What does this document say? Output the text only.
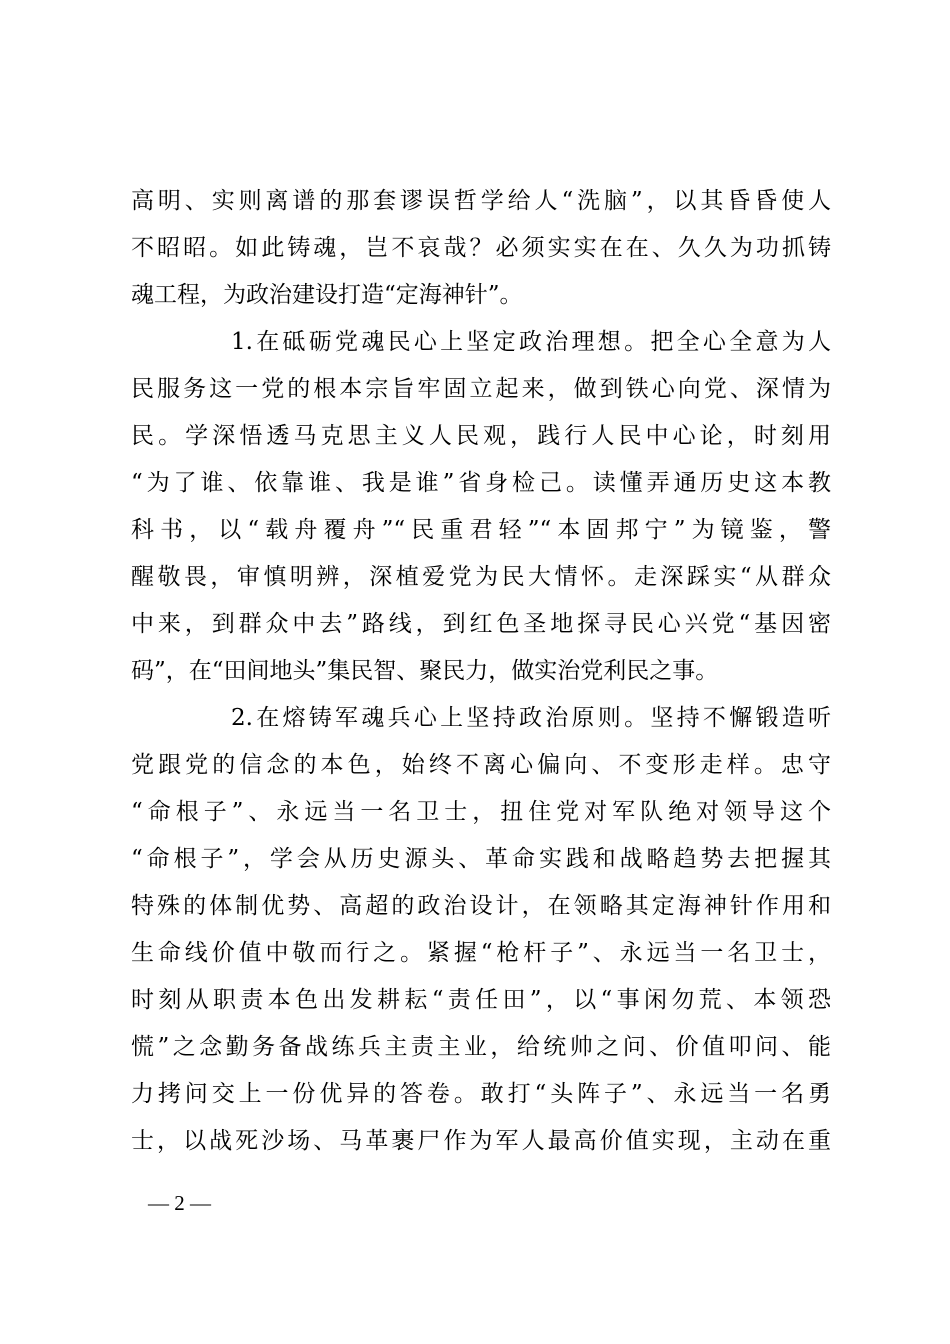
高明、实则离谱的那套谬误哲学给人“洗脑”，以其昏昏使人
不昭昭。如此铸魂，岂不哀哉？必须实实在在、久久为功抓铸
魂工程，为政治建设打造“定海神针”。
1.在砥砺党魂民心上坚定政治理想。把全心全意为人
民服务这一党的根本宗旨牢固立起来，做到铁心向党、深情为
民。学深悟透马克思主义人民观，践行人民中心论，时刻用
“为了谁、依靠谁、我是谁”省身检己。读懂弄通历史这本教
科书，以“载舟覆舟”“民重君轻”“本固邦宁”为镜鉴，警
醒敬畏，审慎明辨，深植爱党为民大情怀。走深踩实“从群众
中来，到群众中去”路线，到红色圣地探寻民心兴党“基因密
码”，在“田间地头”集民智、聚民力，做实治党利民之事。
2.在熔铸军魂兵心上坚持政治原则。坚持不懈锻造听
党跟党的信念的本色，始终不离心偏向、不变形走样。忠守
“命根子”、永远当一名卫士，扭住党对军队绝对领导这个
“命根子”，学会从历史源头、革命实践和战略趋势去把握其
特殊的体制优势、高超的政治设计，在领略其定海神针作用和
生命线价值中敬而行之。紧握“枪杆子”、永远当一名卫士，
时刻从职责本色出发耕耘“责任田”，以“事闲勿荒、本领恐
慌”之念勤务备战练兵主责主业，给统帅之问、价值叩问、能
力拷问交上一份优异的答卷。敢打“头阵子”、永远当一名勇
士，以战死沙场、马革裹尸作为军人最高价值实现，主动在重
— 2 —
